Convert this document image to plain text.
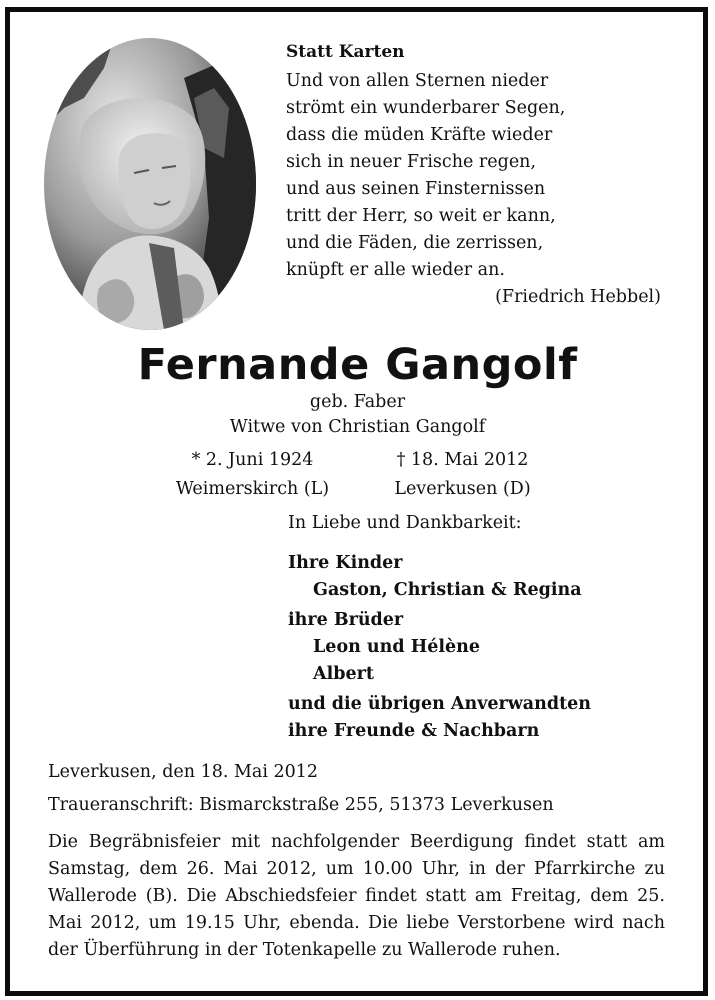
Statt Karten
Und von allen Sternen nieder
strömt ein wunderbarer Segen,
dass die müden Kräfte wieder
sich in neuer Frische regen,
und aus seinen Finsternissen
tritt der Herr, so weit er kann,
und die Fäden, die zerrissen,
knüpft er alle wieder an.
(Friedrich Hebbel)
Fernande Gangolf
geb. Faber
Witwe von Christian Gangolf
* 2. Juni 1924
Weimerskirch (L)
† 18. Mai 2012
Leverkusen (D)
In Liebe und Dankbarkeit:
Ihre Kinder
Gaston, Christian & Regina
ihre Brüder
Leon und Hélène
Albert
und die übrigen Anverwandten
ihre Freunde & Nachbarn
Leverkusen, den 18. Mai 2012
Traueranschrift: Bismarckstraße 255, 51373 Leverkusen
Die Begräbnisfeier mit nachfolgender Beerdigung findet statt am Samstag, dem 26. Mai 2012, um 10.00 Uhr, in der Pfarrkirche zu Wallerode (B). Die Abschiedsfeier findet statt am Freitag, dem 25. Mai 2012, um 19.15 Uhr, ebenda. Die liebe Verstorbene wird nach der Überführung in der Totenkapelle zu Wallerode ruhen.
